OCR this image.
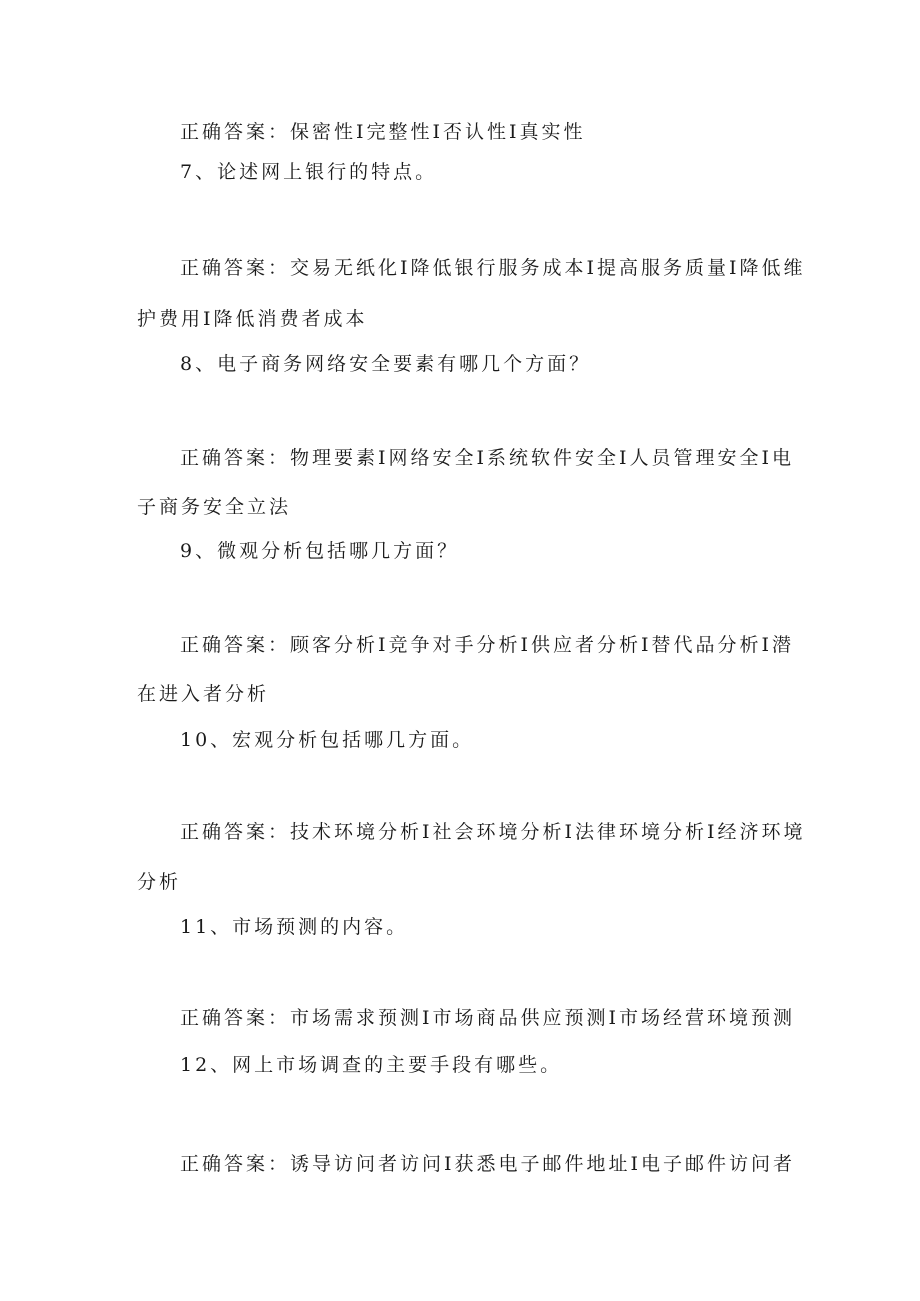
正确答案：保密性Ⅰ完整性Ⅰ否认性Ⅰ真实性
7、论述网上银行的特点。
正确答案：交易无纸化Ⅰ降低银行服务成本Ⅰ提高服务质量Ⅰ降低维
护费用Ⅰ降低消费者成本
8、电子商务网络安全要素有哪几个方面？
正确答案：物理要素Ⅰ网络安全Ⅰ系统软件安全Ⅰ人员管理安全Ⅰ电
子商务安全立法
9、微观分析包括哪几方面？
正确答案：顾客分析Ⅰ竞争对手分析Ⅰ供应者分析Ⅰ替代品分析Ⅰ潜
在进入者分析
10、宏观分析包括哪几方面。
正确答案：技术环境分析Ⅰ社会环境分析Ⅰ法律环境分析Ⅰ经济环境
分析
11、市场预测的内容。
正确答案：市场需求预测Ⅰ市场商品供应预测Ⅰ市场经营环境预测
12、网上市场调查的主要手段有哪些。
正确答案：诱导访问者访问Ⅰ获悉电子邮件地址Ⅰ电子邮件访问者
